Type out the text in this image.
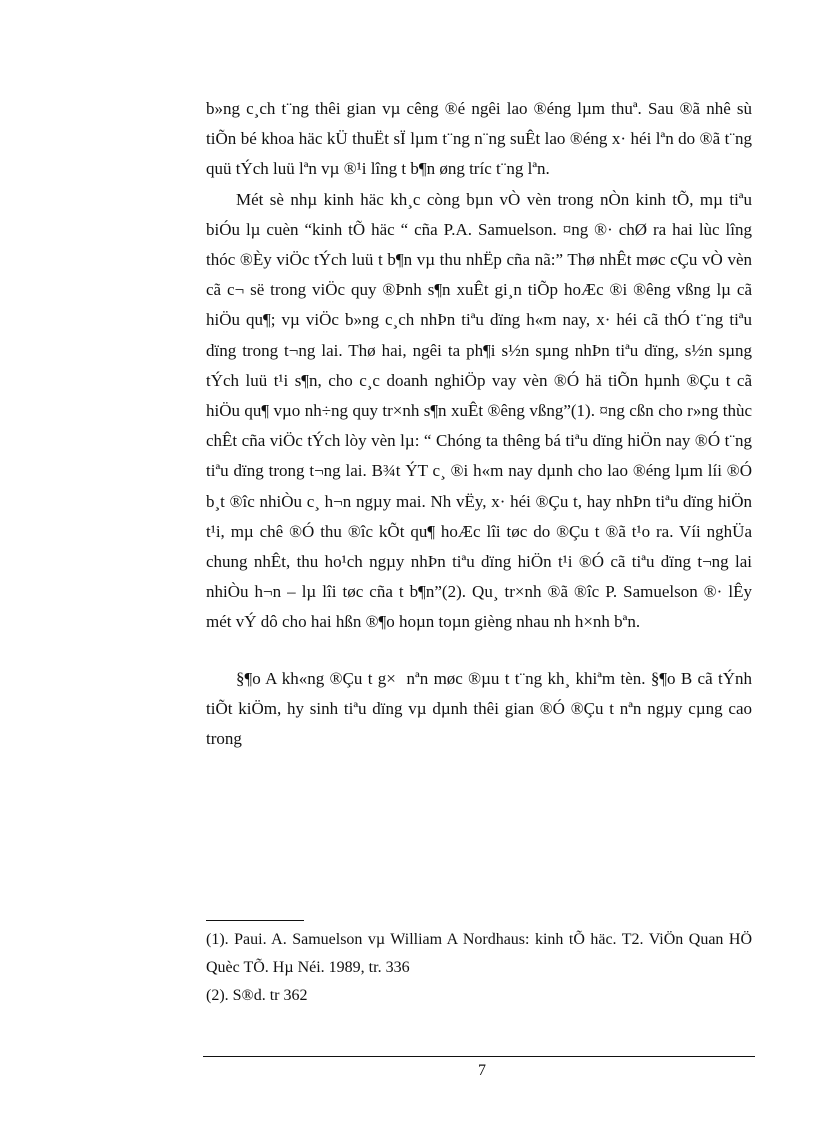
b»ng c¸ch t¨ng thêi gian vµ cêng ®é ngêi lao ®éng lµm thuª. Sau ®ã nhê sù tiÕn bé khoa häc kÜ thuËt sÏ lµm t¨ng n¨ng suÊt lao ®éng x· héi lªn do ®ã t¨ng quü tÝch luü lªn vµ ®¹i lîng t b¶n øng tríc t¨ng lªn.

Mét sè nhµ kinh häc kh¸c còng bµn vÒ vèn trong nÒn kinh tÕ, mµ tiªu biÓu lµ cuèn “kinh tÕ häc “ cña P.A. Samuelson. ¤ng ®· chØ ra hai lùc lîng thóc ®Èy viÖc tÝch luü t b¶n vµ thu nhËp cña nã:” Thø nhÊt møc cÇu vÒ vèn cã c¬ së trong viÖc quy ®Þnh s¶n xuÊt gi¸n tiÕp hoÆc ®i ®êng vßng lµ cã hiÖu qu¶; vµ viÖc b»ng c¸ch nhÞn tiªu dïng h«m nay, x· héi cã thÓ t¨ng tiªu dïng trong t¬ng lai. Thø hai, ngêi ta ph¶i s½n sµng nhÞn tiªu dïng, s½n sµng tÝch luü t¹i s¶n, cho c¸c doanh nghiÖp vay vèn ®Ó hä tiÕn hµnh ®Çu t cã hiÖu qu¶ vµo nh÷ng quy tr×nh s¶n xuÊt ®êng vßng”(1). ¤ng cßn cho r»ng thùc chÊt cña viÖc tÝch lòy vèn lµ: “ Chóng ta thêng bá tiªu dïng hiÖn nay ®Ó t¨ng tiªu dïng trong t¬ng lai. B¾t ÝT c¸ ®i h«m nay dµnh cho lao ®éng lµm líi ®Ó b¸t ®îc nhiÒu c¸ h¬n ngµy mai. Nh vËy, x· héi ®Çu t, hay nhÞn tiªu dïng hiÖn t¹i, mµ chê ®Ó thu ®îc kÕt qu¶ hoÆc lîi tøc do ®Çu t ®ã t¹o ra. Víi nghÜa chung nhÊt, thu ho¹ch ngµy nhÞn tiªu dïng hiÖn t¹i ®Ó cã tiªu dïng t¬ng lai nhiÒu h¬n – lµ lîi tøc cña t b¶n”(2). Qu¸ tr×nh ®ã ®îc P. Samuelson ®· lÊy mét vÝ dô cho hai hßn ®¶o hoµn toµn gièng nhau nh h×nh bªn.

§¶o A kh«ng ®Çu t g× nªn møc ®µu t t¨ng kh¸ khiªm tèn. §¶o B cã tÝnh tiÕt kiÖm, hy sinh tiªu dïng vµ dµnh thêi gian ®Ó ®Çu t nªn ngµy cµng cao trong

(1). Paui. A. Samuelson vµ William A Nordhaus: kinh tÕ häc. T2. ViÖn Quan HÖ Quèc TÕ. Hµ Néi. 1989, tr. 336

(2). S®d. tr 362

7
